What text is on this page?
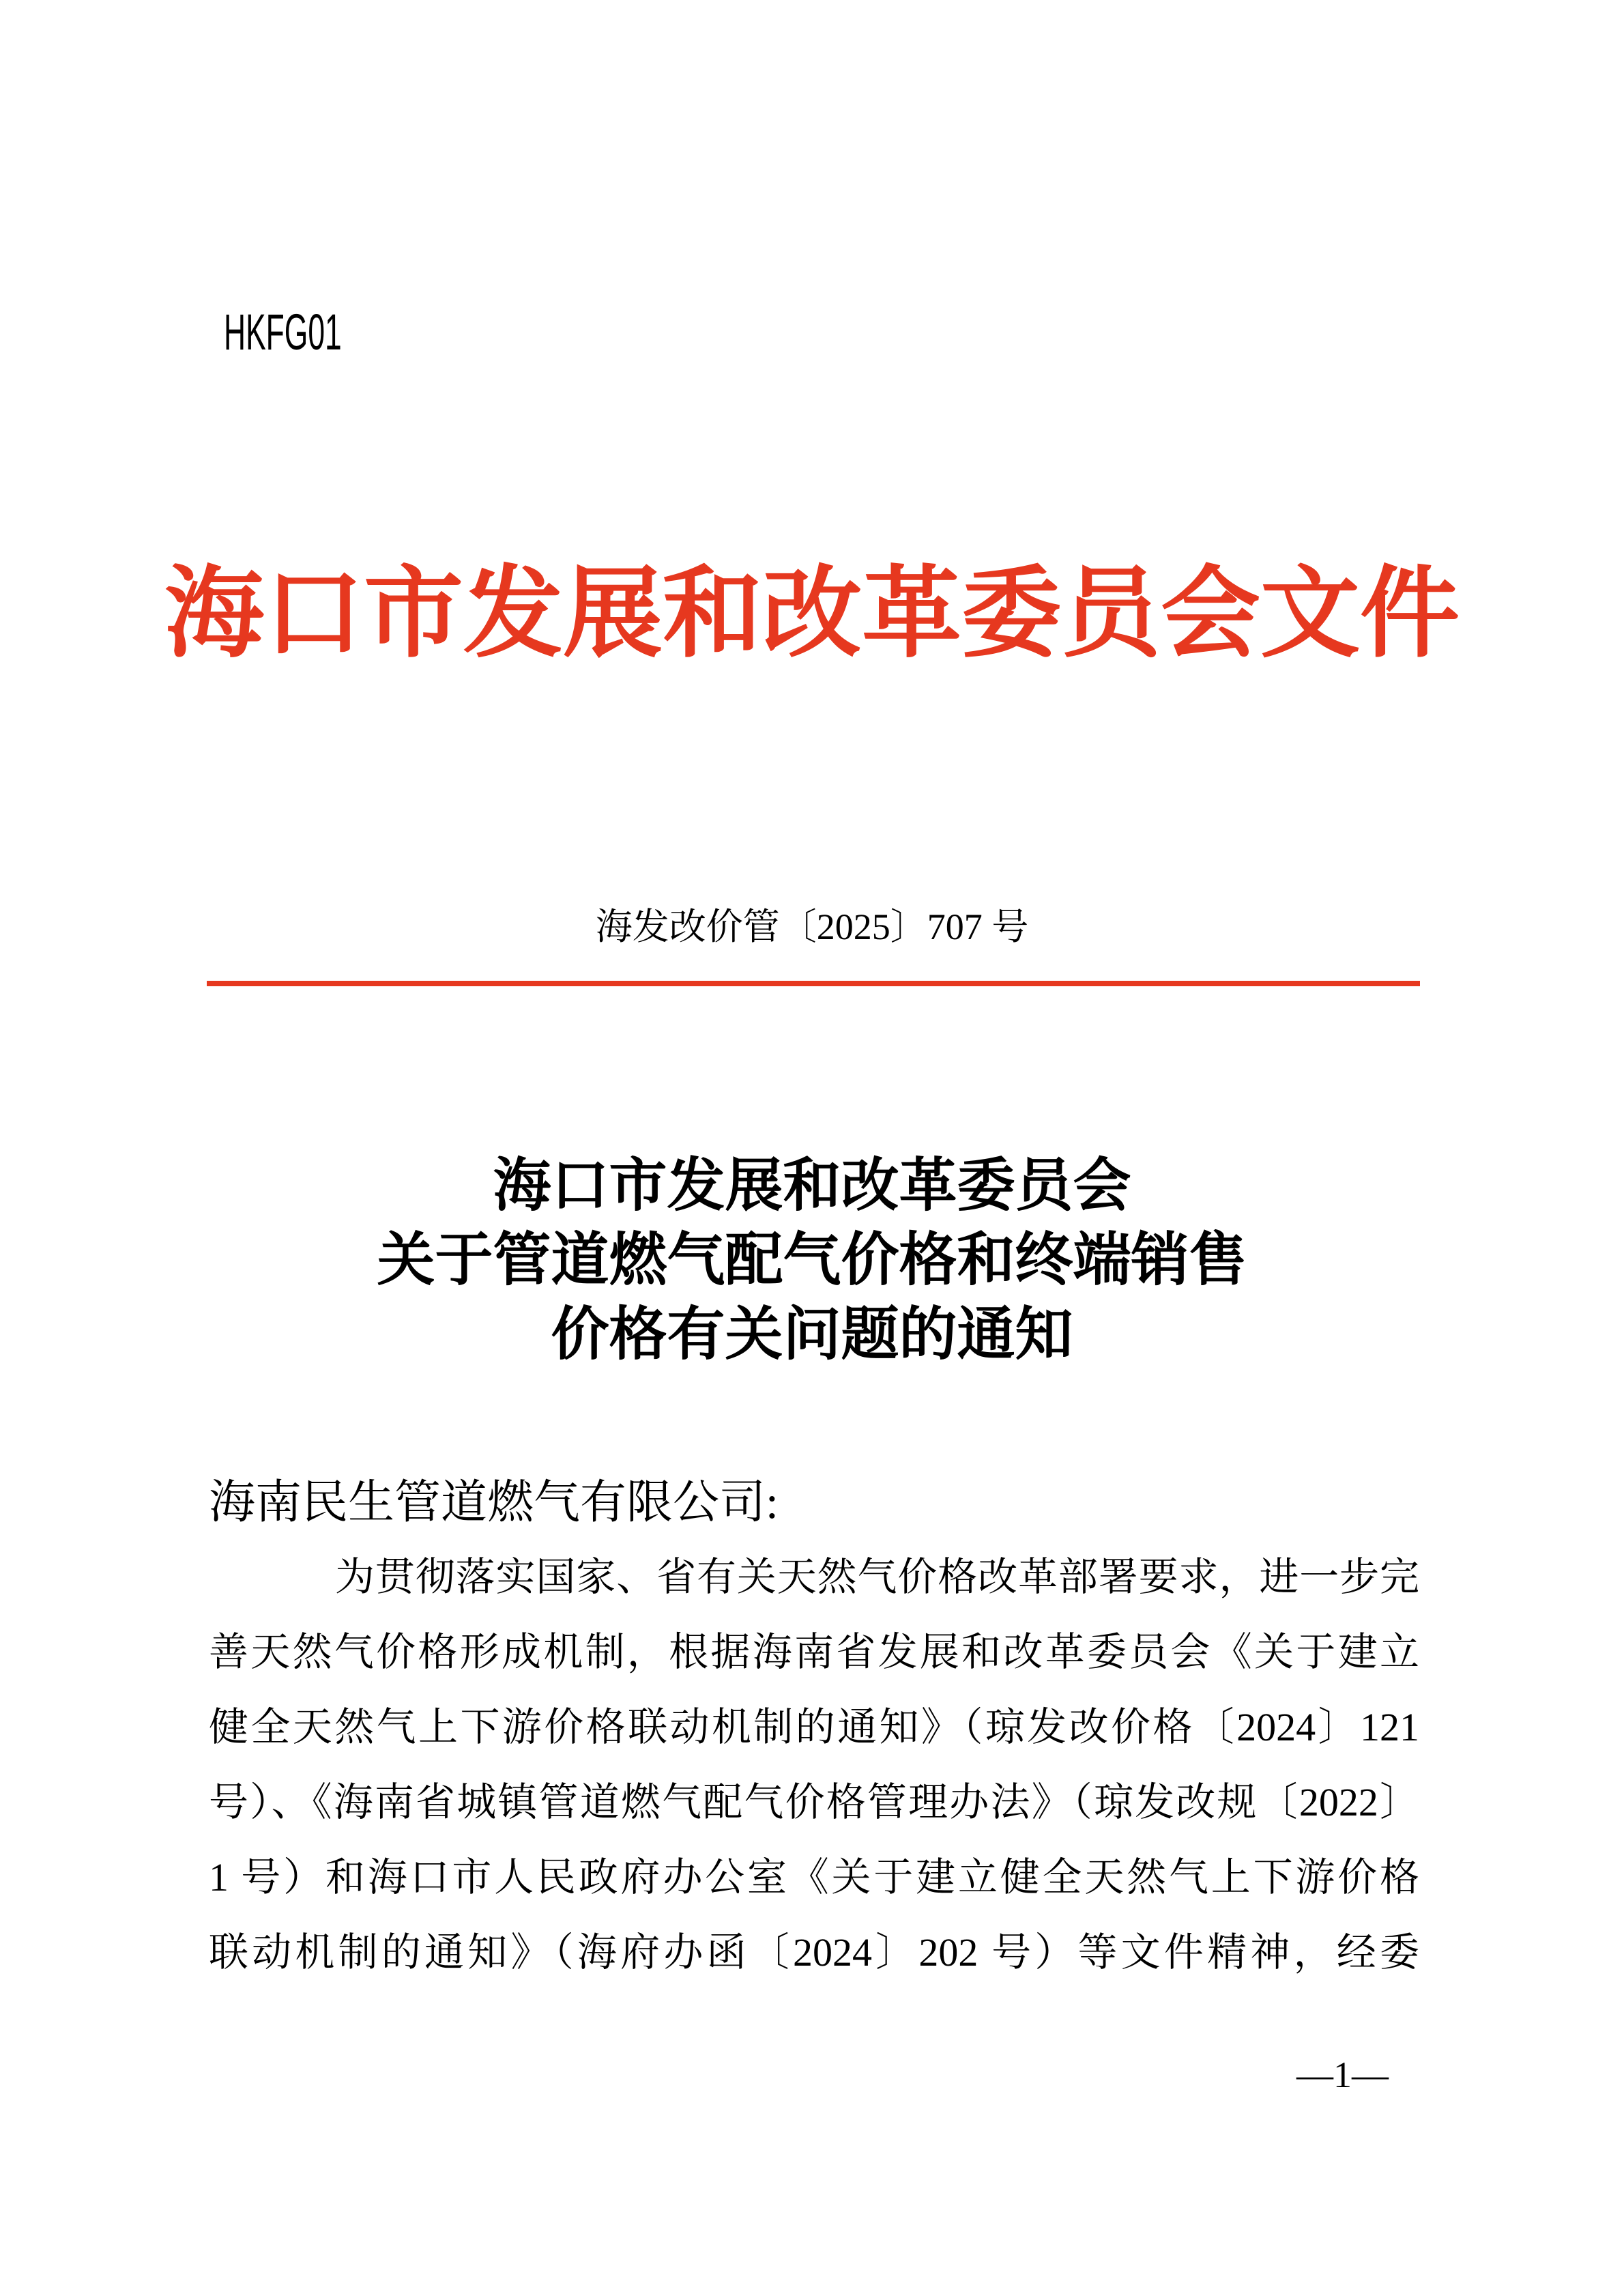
HKFG01
海口市发展和改革委员会文件
海发改价管〔2025〕707 号
海口市发展和改革委员会
关于管道燃气配气价格和终端销售
价格有关问题的通知
海南民生管道燃气有限公司:
为贯彻落实国家、省有关天然气价格改革部署要求，进一步完
善天然气价格形成机制，根据海南省发展和改革委员会《关于建立
健全天然气上下游价格联动机制的通知》（琼发改价格〔2024〕121
号）、《海南省城镇管道燃气配气价格管理办法》（琼发改规〔2022〕
1 号）和海口市人民政府办公室《关于建立健全天然气上下游价格
联动机制的通知》（海府办函〔2024〕202 号）等文件精神，经委
—1—
